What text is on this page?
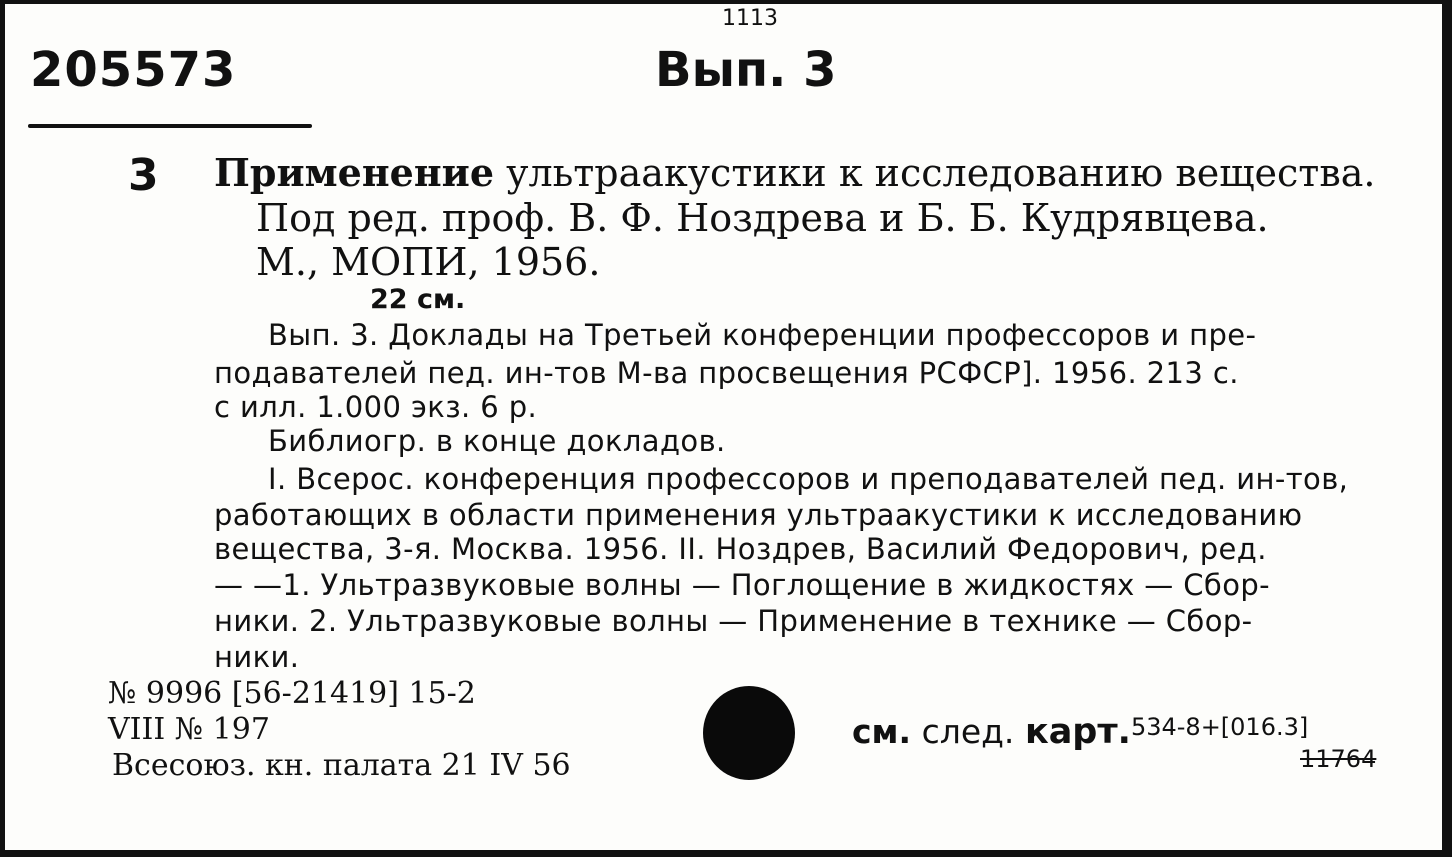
1113
205573	Вып. 3
3 Применение ультраакустики к исследованию вещества.
Под ред. проф. В. Ф. Ноздрева и Б. Б. Кудрявцева.
М., МОПИ, 1956.
22 см.
Вып. 3. Доклады на Третьей конференции профессоров и пре-
подавателей пед. ин-тов М-ва просвещения РСФСР]. 1956. 213 с.
с илл. 1.000 экз. 6 р.
Библиогр. в конце докладов.
I. Всерос. конференция профессоров и преподавателей пед. ин-тов,
работающих в области применения ультраакустики к исследованию
вещества, 3-я. Москва. 1956. II. Ноздрев, Василий Федорович, ред.
— —1. Ультразвуковые волны — Поглощение в жидкостях — Сбор-
ники. 2. Ультразвуковые волны — Применение в технике — Сбор-
ники.
№ 9996 [56-21419] 15-2
VIII № 197
Всесоюз. кн. палата 21 IV 56
см. след. карт.$^{534-8+[016.3]}$
11764
